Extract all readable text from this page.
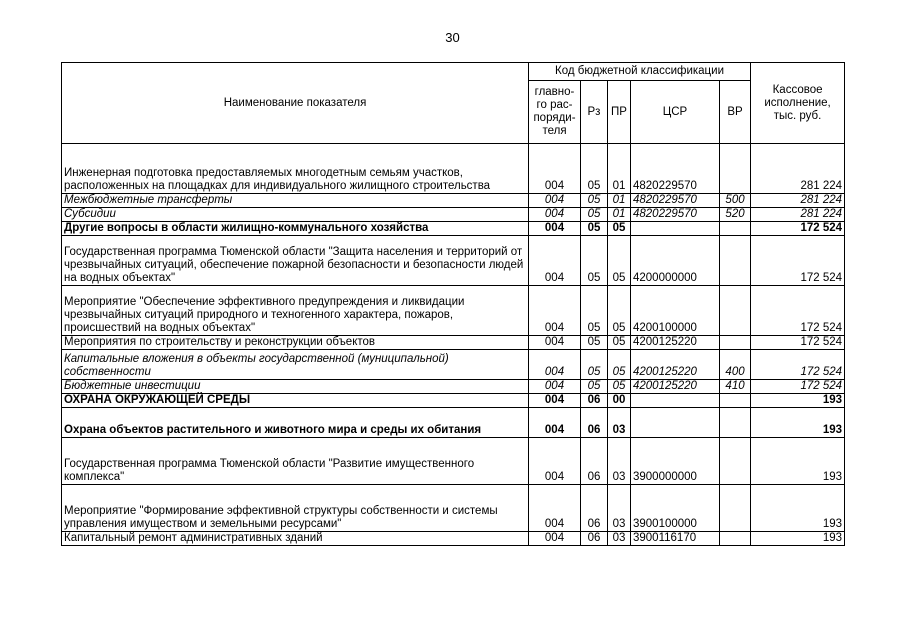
30
Наименование показателя	Код бюджетной классификации					Кассовое исполнение, тыс. руб.
	главно-го рас-поряди-теля	Рз	ПР	ЦСР	ВР	
Инженерная подготовка предоставляемых многодетным семьям участков, расположенных на площадках для индивидуального жилищного строительства	004	05	01	4820229570		281 224
Межбюджетные трансферты	004	05	01	4820229570	500	281 224
Субсидии	004	05	01	4820229570	520	281 224
Другие вопросы в области жилищно-коммунального хозяйства	004	05	05			172 524
Государственная программа Тюменской области "Защита населения и территорий от чрезвычайных ситуаций, обеспечение пожарной безопасности и безопасности людей на водных объектах"	004	05	05	4200000000		172 524
Мероприятие "Обеспечение эффективного предупреждения и ликвидации чрезвычайных ситуаций природного и техногенного характера, пожаров, происшествий на водных объектах"	004	05	05	4200100000		172 524
Мероприятия по строительству и реконструкции объектов	004	05	05	4200125220		172 524
Капитальные вложения в объекты государственной (муниципальной) собственности	004	05	05	4200125220	400	172 524
Бюджетные инвестиции	004	05	05	4200125220	410	172 524
ОХРАНА ОКРУЖАЮЩЕЙ СРЕДЫ	004	06	00			193
Охрана объектов растительного и животного мира и среды их обитания	004	06	03			193
Государственная программа Тюменской области "Развитие имущественного комплекса"	004	06	03	3900000000		193
Мероприятие "Формирование эффективной структуры собственности и системы управления имуществом и земельными ресурсами"	004	06	03	3900100000		193
Капитальный ремонт административных зданий	004	06	03	3900116170		193
